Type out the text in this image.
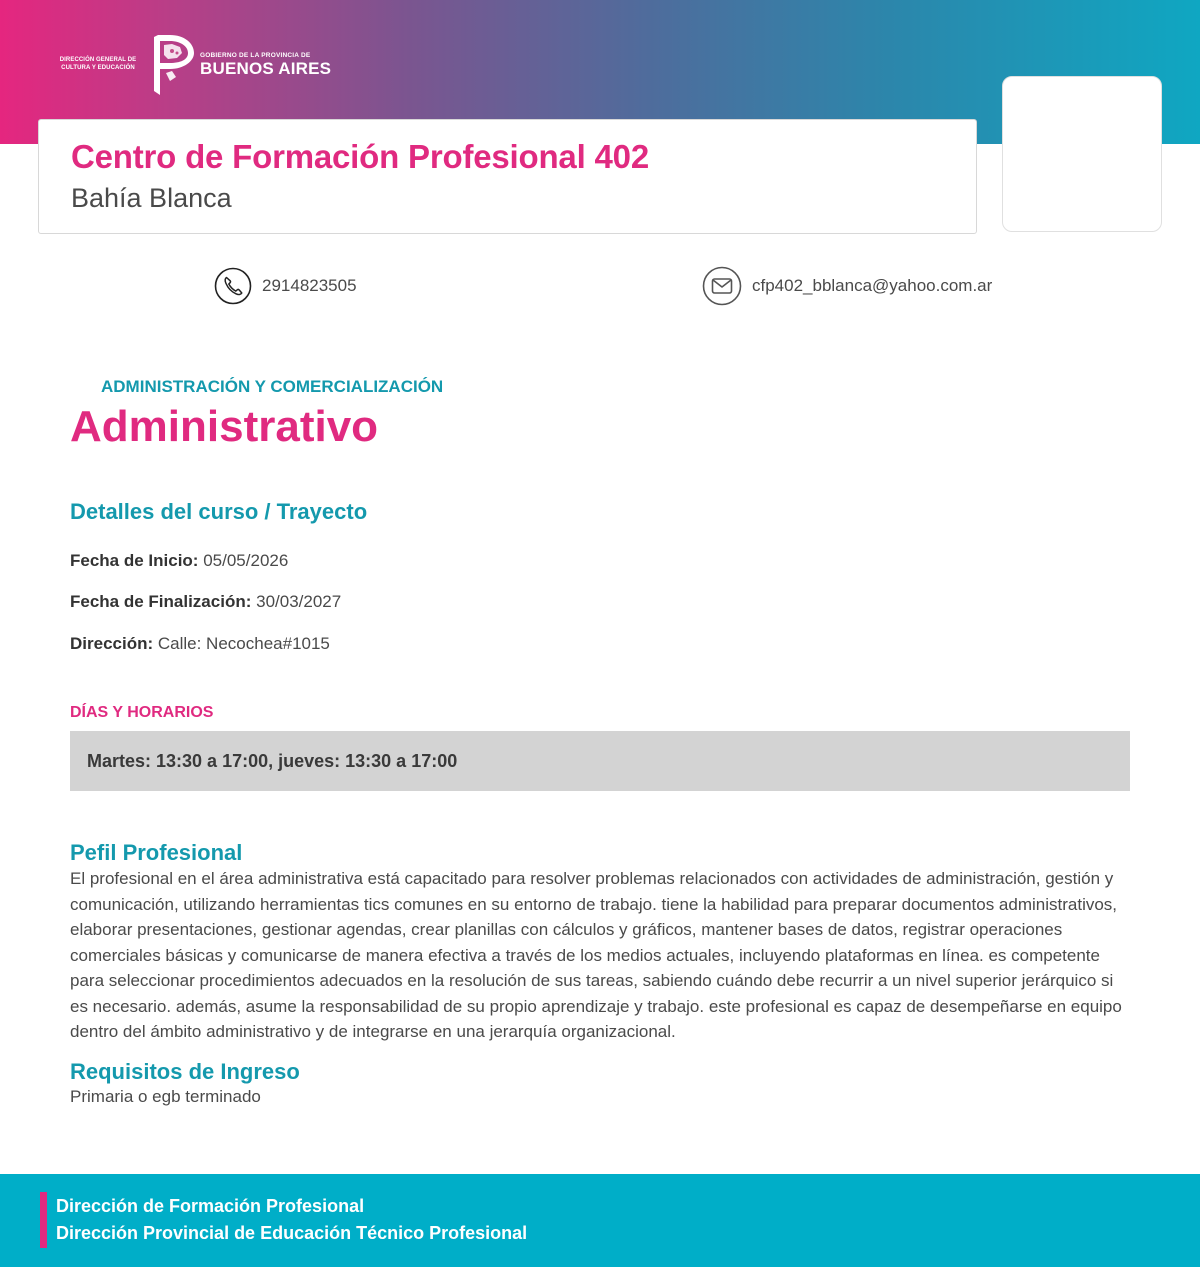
DIRECCIÓN GENERAL DE CULTURA Y EDUCACIÓN
GOBIERNO DE LA PROVINCIA DE
BUENOS AIRES
Centro de Formación Profesional 402
Bahía Blanca
2914823505	cfp402_bblanca@yahoo.com.ar
ADMINISTRACIÓN Y COMERCIALIZACIÓN
Administrativo
Detalles del curso / Trayecto
Fecha de Inicio: 05/05/2026
Fecha de Finalización: 30/03/2027
Dirección: Calle: Necochea#1015
DÍAS Y HORARIOS
Martes: 13:30 a 17:00, jueves: 13:30 a 17:00
Pefil Profesional
El profesional en el área administrativa está capacitado para resolver problemas relacionados con actividades de administración, gestión y comunicación, utilizando herramientas tics comunes en su entorno de trabajo. tiene la habilidad para preparar documentos administrativos, elaborar presentaciones, gestionar agendas, crear planillas con cálculos y gráficos, mantener bases de datos, registrar operaciones comerciales básicas y comunicarse de manera efectiva a través de los medios actuales, incluyendo plataformas en línea. es competente para seleccionar procedimientos adecuados en la resolución de sus tareas, sabiendo cuándo debe recurrir a un nivel superior jerárquico si es necesario. además, asume la responsabilidad de su propio aprendizaje y trabajo. este profesional es capaz de desempeñarse en equipo dentro del ámbito administrativo y de integrarse en una jerarquía organizacional.
Requisitos de Ingreso
Primaria o egb terminado
Dirección de Formación Profesional
Dirección Provincial de Educación Técnico Profesional
